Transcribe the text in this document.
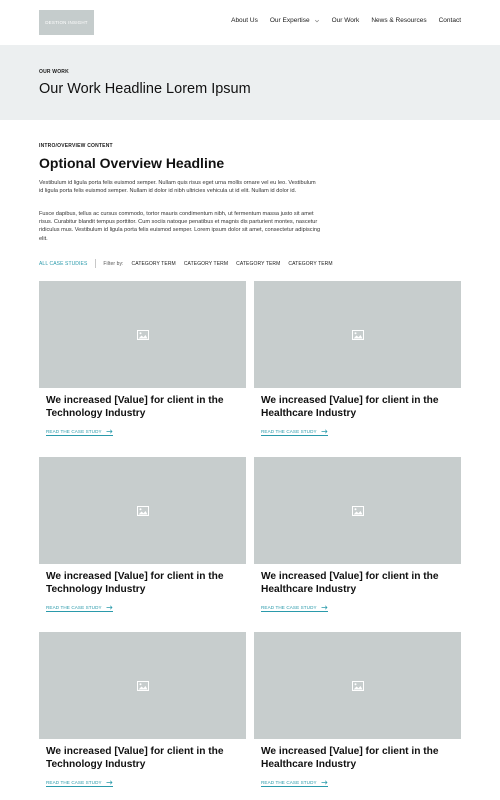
DESTION INSIGHT	About Us Our Expertise	Our Work News & Resources Contact
OUR WORK
Our Work Headline Lorem Ipsum
INTRO/OVERVIEW CONTENT
Optional Overview Headline

Vestibulum id ligula porta felis euismod semper. Nullam quis risus eget urna mollis ornare vel eu leo. Vestibulum id ligula porta felis euismod semper. Nullam id dolor id nibh ultricies vehicula ut id elit. Nullam id dolor id.

Fusce dapibus, tellus ac cursus commodo, tortor mauris condimentum nibh, ut fermentum massa justo sit amet risus. Curabitur blandit tempus porttitor. Cum sociis natoque penatibus et magnis dis parturient montes, nascetur ridiculus mus. Vestibulum id ligula porta felis euismod semper. Lorem ipsum dolor sit amet, consectetur adipiscing elit.

ALL CASE STUDIES	Filter by: CATEGORY TERM CATEGORY TERM CATEGORY TERM CATEGORY TERM
We increased [Value] for client in the Technology Industry
READ THE CASE STUDY
We increased [Value] for client in the Healthcare Industry
READ THE CASE STUDY
We increased [Value] for client in the Technology Industry
READ THE CASE STUDY
We increased [Value] for client in the Healthcare Industry
READ THE CASE STUDY
We increased [Value] for client in the Technology Industry
READ THE CASE STUDY
We increased [Value] for client in the Healthcare Industry
READ THE CASE STUDY
